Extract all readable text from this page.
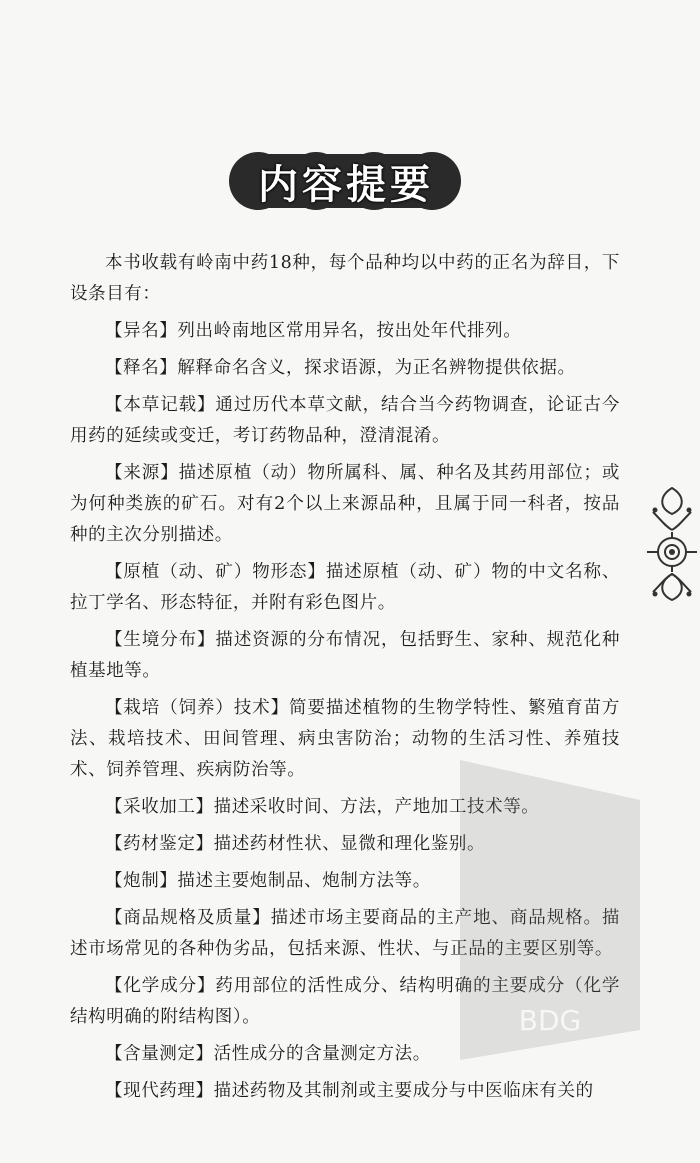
内容提要

本书收载有岭南中药18种，每个品种均以中药的正名为辞目，下设条目有：

【异名】列出岭南地区常用异名，按出处年代排列。

【释名】解释命名含义，探求语源，为正名辨物提供依据。

【本草记载】通过历代本草文献，结合当今药物调查，论证古今用药的延续或变迁，考订药物品种，澄清混淆。

【来源】描述原植（动）物所属科、属、种名及其药用部位；或为何种类族的矿石。对有2个以上来源品种，且属于同一科者，按品种的主次分别描述。

【原植（动、矿）物形态】描述原植（动、矿）物的中文名称、拉丁学名、形态特征，并附有彩色图片。

【生境分布】描述资源的分布情况，包括野生、家种、规范化种植基地等。

【栽培（饲养）技术】简要描述植物的生物学特性、繁殖育苗方法、栽培技术、田间管理、病虫害防治；动物的生活习性、养殖技术、饲养管理、疾病防治等。

【采收加工】描述采收时间、方法，产地加工技术等。

【药材鉴定】描述药材性状、显微和理化鉴别。

【炮制】描述主要炮制品、炮制方法等。

【商品规格及质量】描述市场主要商品的主产地、商品规格。描述市场常见的各种伪劣品，包括来源、性状、与正品的主要区别等。

【化学成分】药用部位的活性成分、结构明确的主要成分（化学结构明确的附结构图）。

【含量测定】活性成分的含量测定方法。

【现代药理】描述药物及其制剂或主要成分与中医临床有关的

BDG
